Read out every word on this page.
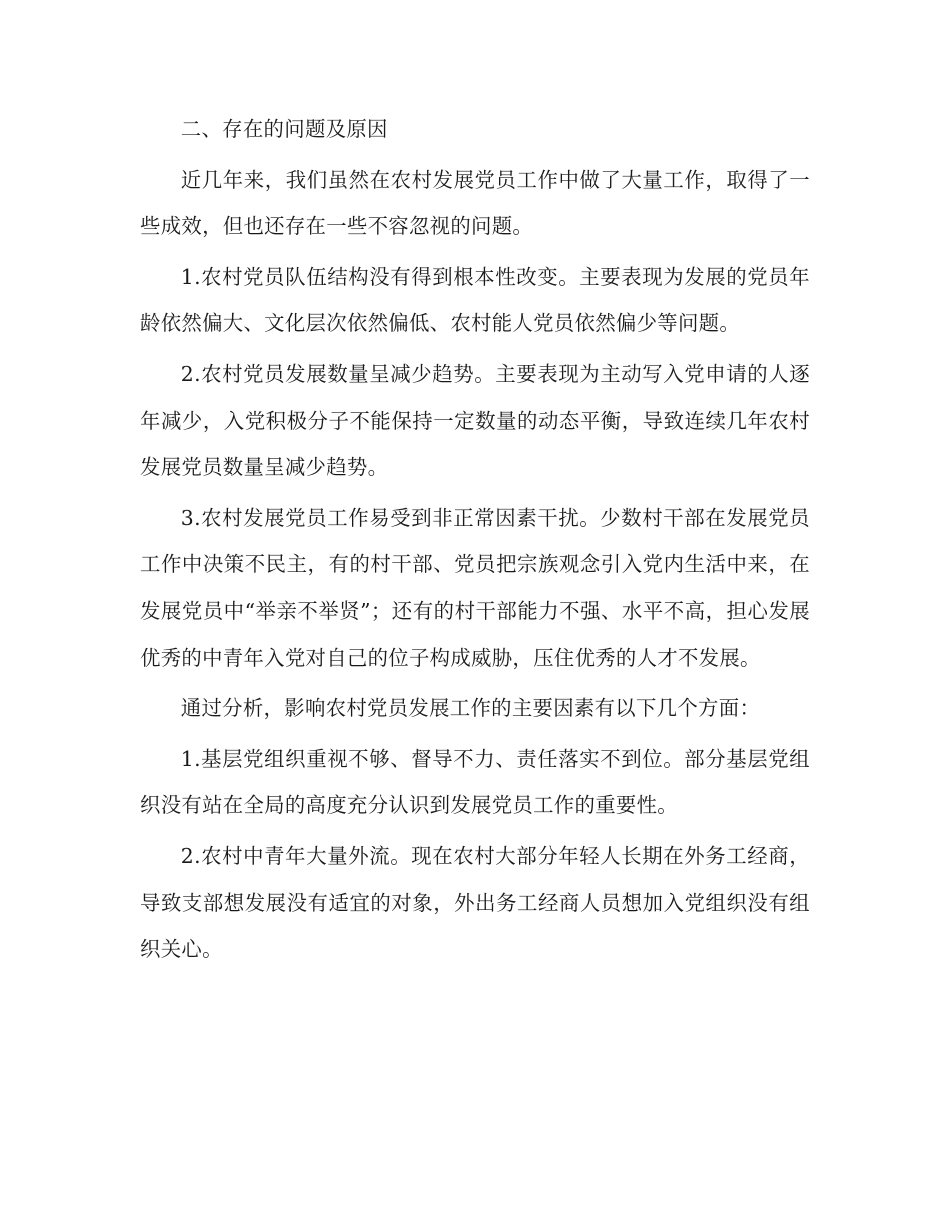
二、存在的问题及原因

近几年来，我们虽然在农村发展党员工作中做了大量工作，取得了一些成效，但也还存在一些不容忽视的问题。

1.农村党员队伍结构没有得到根本性改变。主要表现为发展的党员年龄依然偏大、文化层次依然偏低、农村能人党员依然偏少等问题。

2.农村党员发展数量呈减少趋势。主要表现为主动写入党申请的人逐年减少，入党积极分子不能保持一定数量的动态平衡，导致连续几年农村发展党员数量呈减少趋势。

3.农村发展党员工作易受到非正常因素干扰。少数村干部在发展党员工作中决策不民主，有的村干部、党员把宗族观念引入党内生活中来，在发展党员中“举亲不举贤”；还有的村干部能力不强、水平不高，担心发展优秀的中青年入党对自己的位子构成威胁，压住优秀的人才不发展。

通过分析，影响农村党员发展工作的主要因素有以下几个方面：

1.基层党组织重视不够、督导不力、责任落实不到位。部分基层党组织没有站在全局的高度充分认识到发展党员工作的重要性。

2.农村中青年大量外流。现在农村大部分年轻人长期在外务工经商，导致支部想发展没有适宜的对象，外出务工经商人员想加入党组织没有组织关心。
